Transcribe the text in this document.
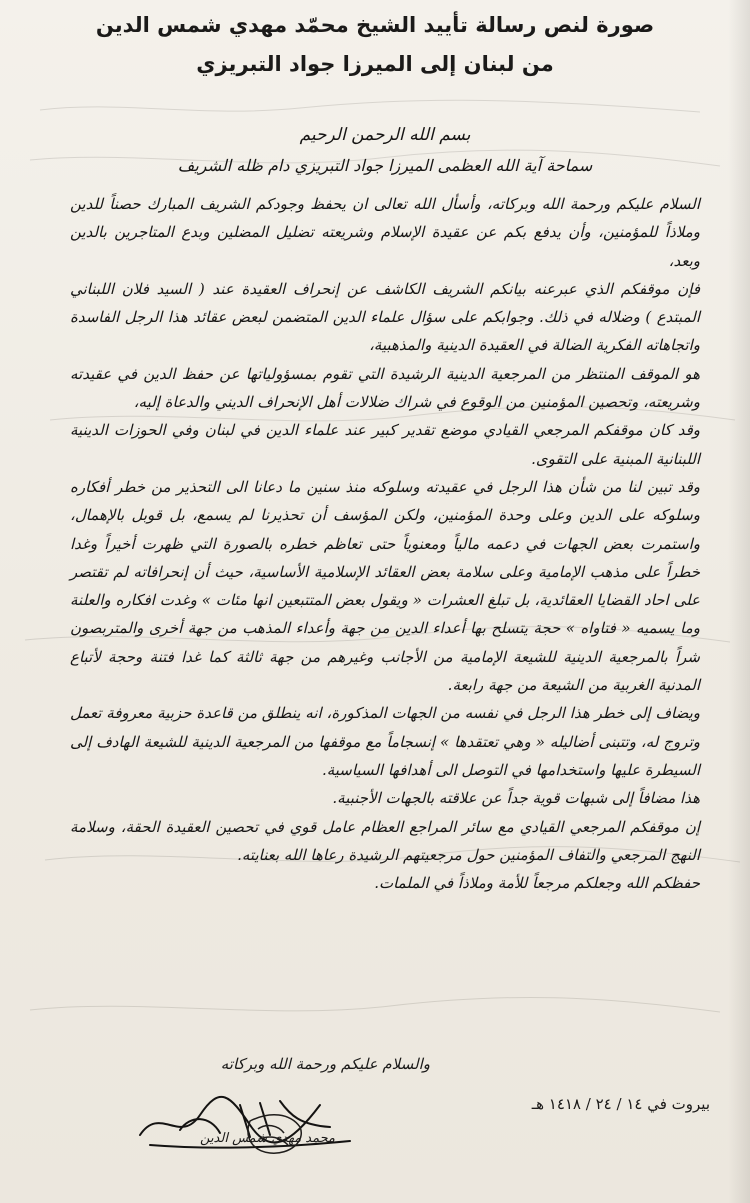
صورة لنص رسالة تأييد الشيخ محمّد مهدي شمس الدين
من لبنان إلى الميرزا جواد التبريزي
بسم الله الرحمن الرحيم
سماحة آية الله العظمى الميرزا جواد التبريزي دام ظله الشريف

السلام عليكم ورحمة الله وبركاته، وأسأل الله تعالى ان يحفظ وجودكم الشريف المبارك حصناً للدين وملاذاً للمؤمنين، وأن يدفع بكم عن عقيدة الإسلام وشريعته تضليل المضلين وبدع المتاجرين بالدين وبعد،

فإن موقفكم الذي عبرعنه بيانكم الشريف الكاشف عن إنحراف العقيدة عند ( السيد فلان اللبناني المبتدع ) وضلاله في ذلك. وجوابكم على سؤال علماء الدين المتضمن لبعض عقائد هذا الرجل الفاسدة واتجاهاته الفكرية الضالة في العقيدة الدينية والمذهبية،

هو الموقف المنتظر من المرجعية الدينية الرشيدة التي تقوم بمسؤولياتها عن حفظ الدين في عقيدته وشريعته، وتحصين المؤمنين من الوقوع في شراك ضلالات أهل الإنحراف الديني والدعاة إليه،

وقد كان موقفكم المرجعي القيادي موضع تقدير كبير عند علماء الدين في لبنان وفي الحوزات الدينية اللبنانية المبنية على التقوى.

وقد تبين لنا من شأن هذا الرجل في عقيدته وسلوكه منذ سنين ما دعانا الى التحذير من خطر أفكاره وسلوكه على الدين وعلى وحدة المؤمنين، ولكن المؤسف أن تحذيرنا لم يسمع، بل قوبل بالإهمال، واستمرت بعض الجهات في دعمه مالياً ومعنوياً حتى تعاظم خطره بالصورة التي ظهرت أخيراً وغدا خطراً على مذهب الإمامية وعلى سلامة بعض العقائد الإسلامية الأساسية، حيث أن إنحرافاته لم تقتصر على احاد القضايا العقائدية، بل تبلغ العشرات « ويقول بعض المتتبعين انها مئات » وغدت افكاره والعلنة وما يسميه « فتاواه » حجة يتسلح بها أعداء الدين من جهة وأعداء المذهب من جهة أخرى والمتربصون شراً بالمرجعية الدينية للشيعة الإمامية من الأجانب وغيرهم من جهة ثالثة كما غدا فتنة وحجة لأتباع المدنية الغربية من الشيعة من جهة رابعة.

ويضاف إلى خطر هذا الرجل في نفسه من الجهات المذكورة، انه ينطلق من قاعدة حزبية معروفة تعمل وتروج له، وتتبنى أضاليله « وهي تعتقدها » إنسجاماً مع موقفها من المرجعية الدينية للشيعة الهادف إلى السيطرة عليها واستخدامها في التوصل الى أهدافها السياسية.

هذا مضافاً إلى شبهات قوية جداً عن علاقته بالجهات الأجنبية.

إن موقفكم المرجعي القيادي مع سائر المراجع العظام عامل قوي في تحصين العقيدة الحقة، وسلامة النهج المرجعي والتفاف المؤمنين حول مرجعيتهم الرشيدة رعاها الله بعنايته.

حفظكم الله وجعلكم مرجعاً للأمة وملاذاً في الملمات.

والسلام عليكم ورحمة الله وبركاته
محمد مهدي شمس الدين
بيروت في ١٤ / ٢٤ / ١٤١٨ هـ
